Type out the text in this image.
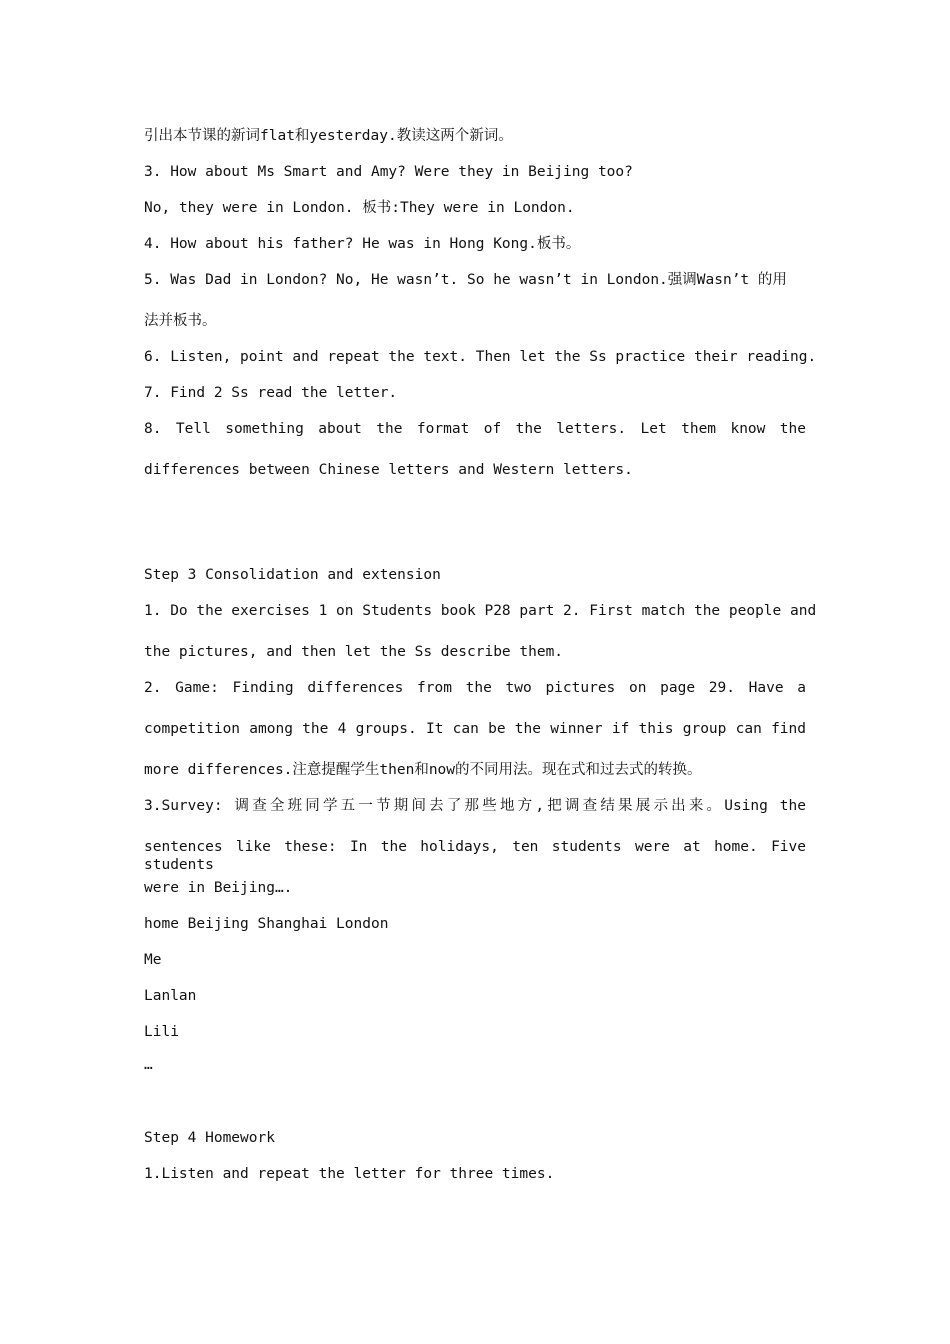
引出本节课的新词flat和yesterday.教读这两个新词。
3. How about Ms Smart and Amy? Were they in Beijing too?
No, they were in London. 板书:They were in London.
4. How about his father? He was in Hong Kong.板书。
5. Was Dad in London? No, He wasn’t. So he wasn’t in London.强调Wasn’t 的用
法并板书。
6. Listen, point and repeat the text. Then let the Ss practice their reading.
7. Find 2 Ss read the letter.
8. Tell something about the format of the letters. Let them know the
differences between Chinese letters and Western letters.
Step 3 Consolidation and extension
1. Do the exercises 1 on Students book P28 part 2. First match the people and
the pictures, and then let the Ss describe them.
2. Game: Finding differences from the two pictures on page 29. Have a
competition among the 4 groups. It can be the winner if this group can find
more differences.注意提醒学生then和now的不同用法。现在式和过去式的转换。
3.Survey: 调查全班同学五一节期间去了那些地方,把调查结果展示出来。Using the
sentences like these: In the holidays, ten students were at home. Five students
were in Beijing….
home Beijing Shanghai London
Me
Lanlan
Lili
…
Step 4 Homework
1.Listen and repeat the letter for three times.
